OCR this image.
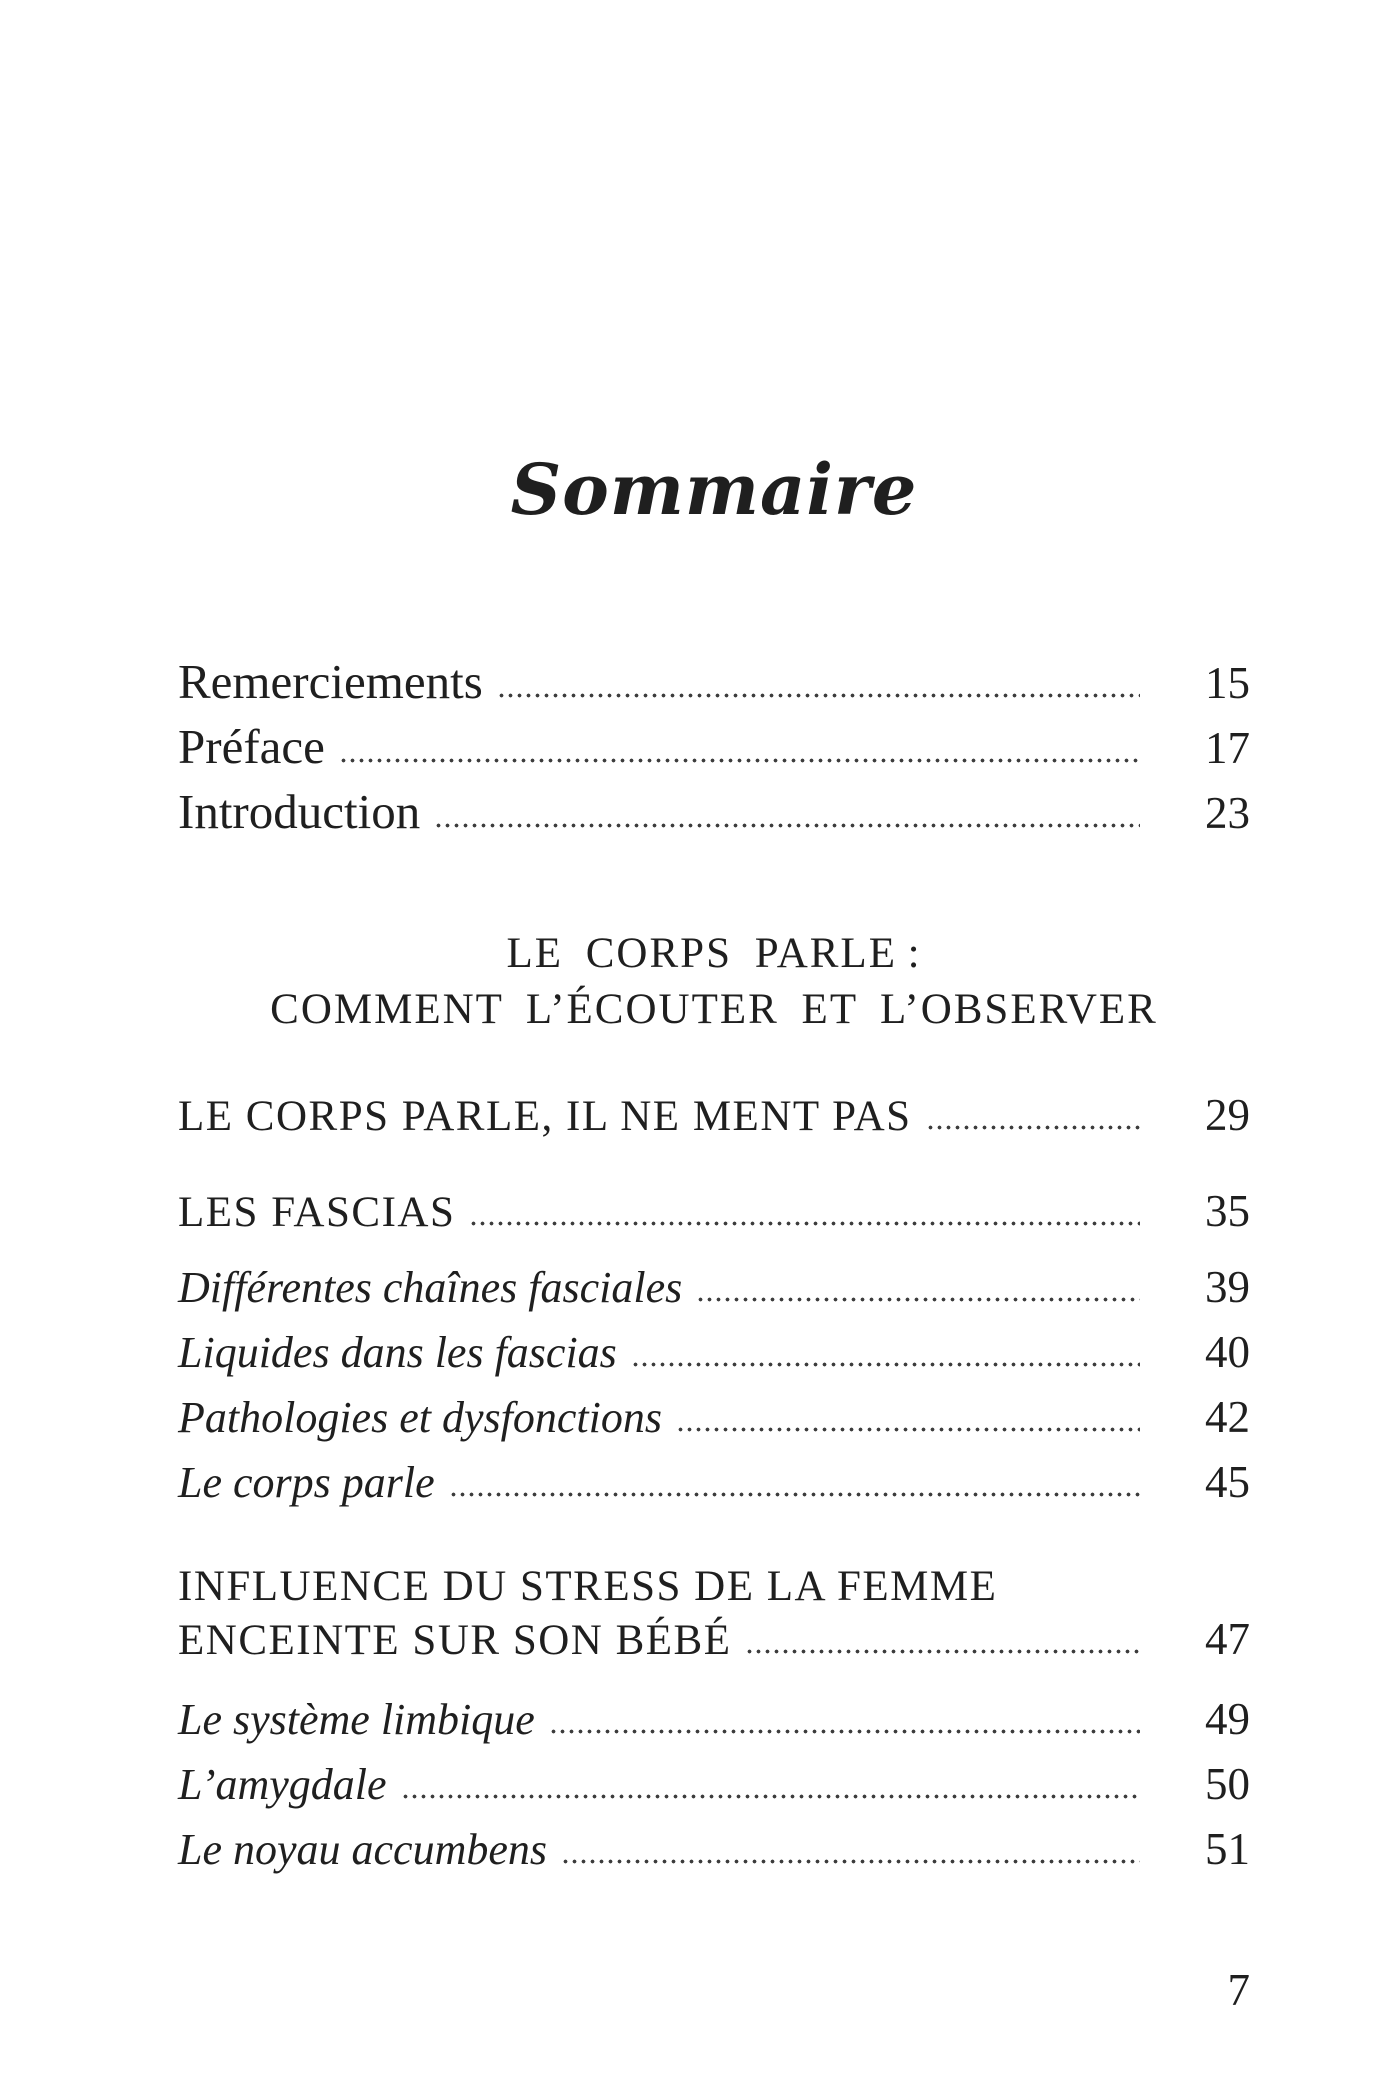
Sommaire
Remerciements	15
Préface	17
Introduction	23
LE CORPS PARLE :
COMMENT L’ÉCOUTER ET L’OBSERVER
LE CORPS PARLE, IL NE MENT PAS	29
LES FASCIAS	35
Différentes chaînes fasciales	39
Liquides dans les fascias	40
Pathologies et dysfonctions	42
Le corps parle	45
INFLUENCE DU STRESS DE LA FEMME
ENCEINTE SUR SON BÉBÉ	47
Le système limbique	49
L’amygdale	50
Le noyau accumbens	51
7
